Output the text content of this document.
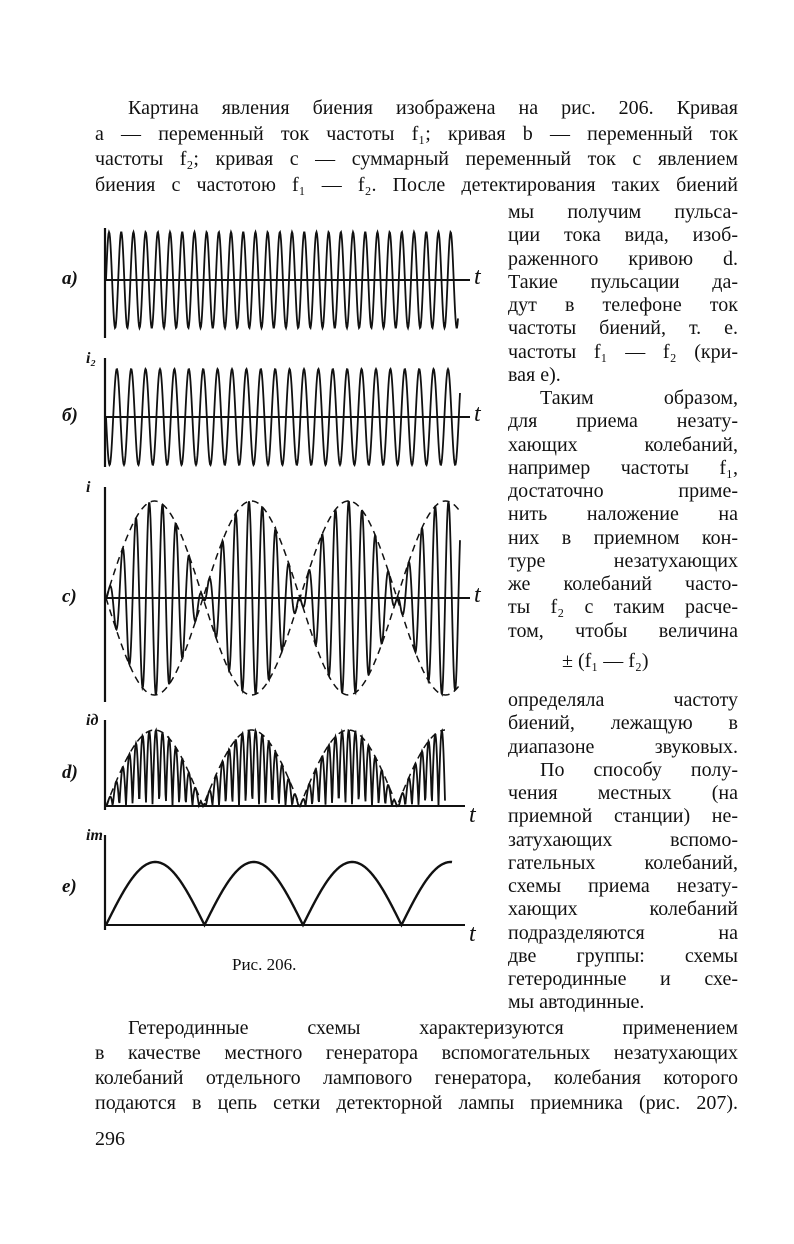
Картина явления биения изображена на рис. 206. Кривая
a — переменный ток частоты f₁; кривая b — переменный ток
частоты f₂; кривая c — суммарный переменный ток с явлением
биения с частотою f₁ — f₂. После детектирования таких биений
мы получим пульса-
ции тока вида, изоб-
раженного кривою d.
Такие пульсации да-
дут в телефоне ток
частоты биений, т. е.
частоты f₁ — f₂ (кри-
вая e).
Таким образом,
для приема незату-
хающих колебаний,
например частоты f₁,
достаточно приме-
нить наложение на
них в приемном кон-
туре незатухающих
же колебаний часто-
ты f₂ с таким расче-
том, чтобы величина
определяла частоту
биений, лежащую в
диапазоне звуковых.
По способу полу-
чения местных (на
приемной станции) не-
затухающих вспомо-
гательных колебаний,
схемы приема незату-
хающих колебаний
подразделяются на
две группы: схемы
гетеродинные и схе-
мы автодинные.
Гетеродинные схемы характеризуются применением
в качестве местного генератора вспомогательных незатухающих
колебаний отдельного лампового генератора, колебания которого
подаются в цепь сетки детекторной лампы приемника (рис. 207).
± (f₁ — f₂)
Рис. 206.
296
a)	t
б)
i₂
t
c)
i
t
d)
iд
t
e)
iт
t
